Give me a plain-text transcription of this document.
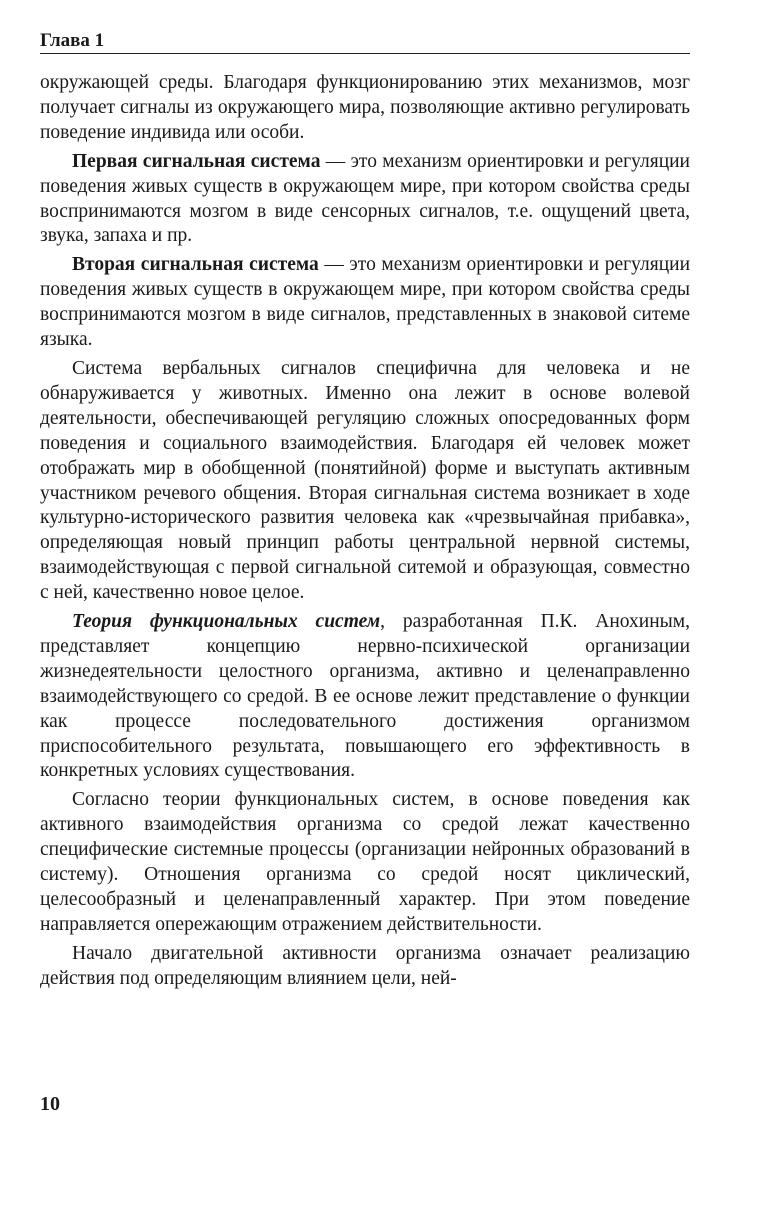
Глава 1

окружающей среды. Благодаря функционированию этих механизмов, мозг получает сигналы из окружающего мира, позволяющие активно регулировать поведение индивида или особи.

Первая сигнальная система — это механизм ориентировки и регуляции поведения живых существ в окружающем мире, при котором свойства среды воспринимаются мозгом в виде сенсорных сигналов, т.е. ощущений цвета, звука, запаха и пр.

Вторая сигнальная система — это механизм ориентировки и регуляции поведения живых существ в окружающем мире, при котором свойства среды воспринимаются мозгом в виде сигналов, представленных в знаковой ситеме языка.

Система вербальных сигналов специфична для человека и не обнаруживается у животных. Именно она лежит в основе волевой деятельности, обеспечивающей регуляцию сложных опосредованных форм поведения и социального взаимодействия. Благодаря ей человек может отображать мир в обобщенной (понятийной) форме и выступать активным участником речевого общения. Вторая сигнальная система возникает в ходе культурно-исторического развития человека как «чрезвычайная прибавка», определяющая новый принцип работы центральной нервной системы, взаимодействующая с первой сигнальной ситемой и образующая, совместно с ней, качественно новое целое.

Теория функциональных систем, разработанная П.К. Анохиным, представляет концепцию нервно-психической организации жизнедеятельности целостного организма, активно и целенаправленно взаимодействующего со средой. В ее основе лежит представление о функции как процессе последовательного достижения организмом приспособительного результата, повышающего его эффективность в конкретных условиях существования.

Согласно теории функциональных систем, в основе поведения как активного взаимодействия организма со средой лежат качественно специфические системные процессы (организации нейронных образований в систему). Отношения организма со средой носят циклический, целесообразный и целенаправленный характер. При этом поведение направляется опережающим отражением действительности.

Начало двигательной активности организма означает реализацию действия под определяющим влиянием цели, ней-

10
